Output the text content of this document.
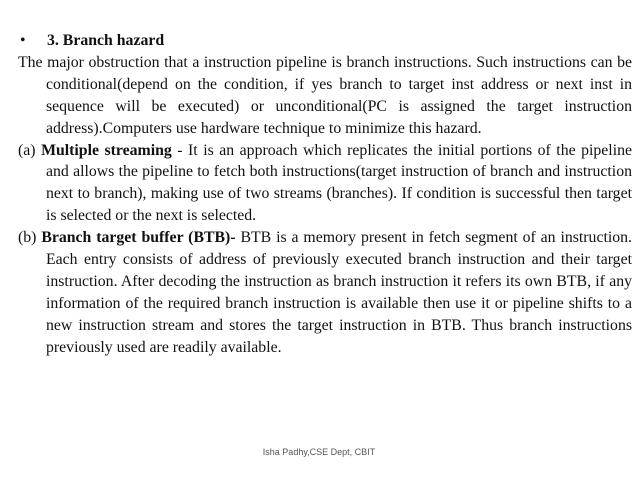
•	3. Branch hazard

The major obstruction that a instruction pipeline is branch instructions. Such instructions can be conditional(depend on the condition, if yes branch to target inst address or next inst in sequence will be executed) or unconditional(PC is assigned the target instruction address).Computers use hardware technique to minimize this hazard.

(a) Multiple streaming - It is an approach which replicates the initial portions of the pipeline and allows the pipeline to fetch both instructions(target instruction of branch and instruction next to branch), making use of two streams (branches). If condition is successful then target is selected or the next is selected.

(b) Branch target buffer (BTB)- BTB is a memory present in fetch segment of an instruction. Each entry consists of address of previously executed branch instruction and their target instruction. After decoding the instruction as branch instruction it refers its own BTB, if any information of the required branch instruction is available then use it or pipeline shifts to a new instruction stream and stores the target instruction in BTB. Thus branch instructions previously used are readily available.

Isha Padhy,CSE Dept, CBIT
